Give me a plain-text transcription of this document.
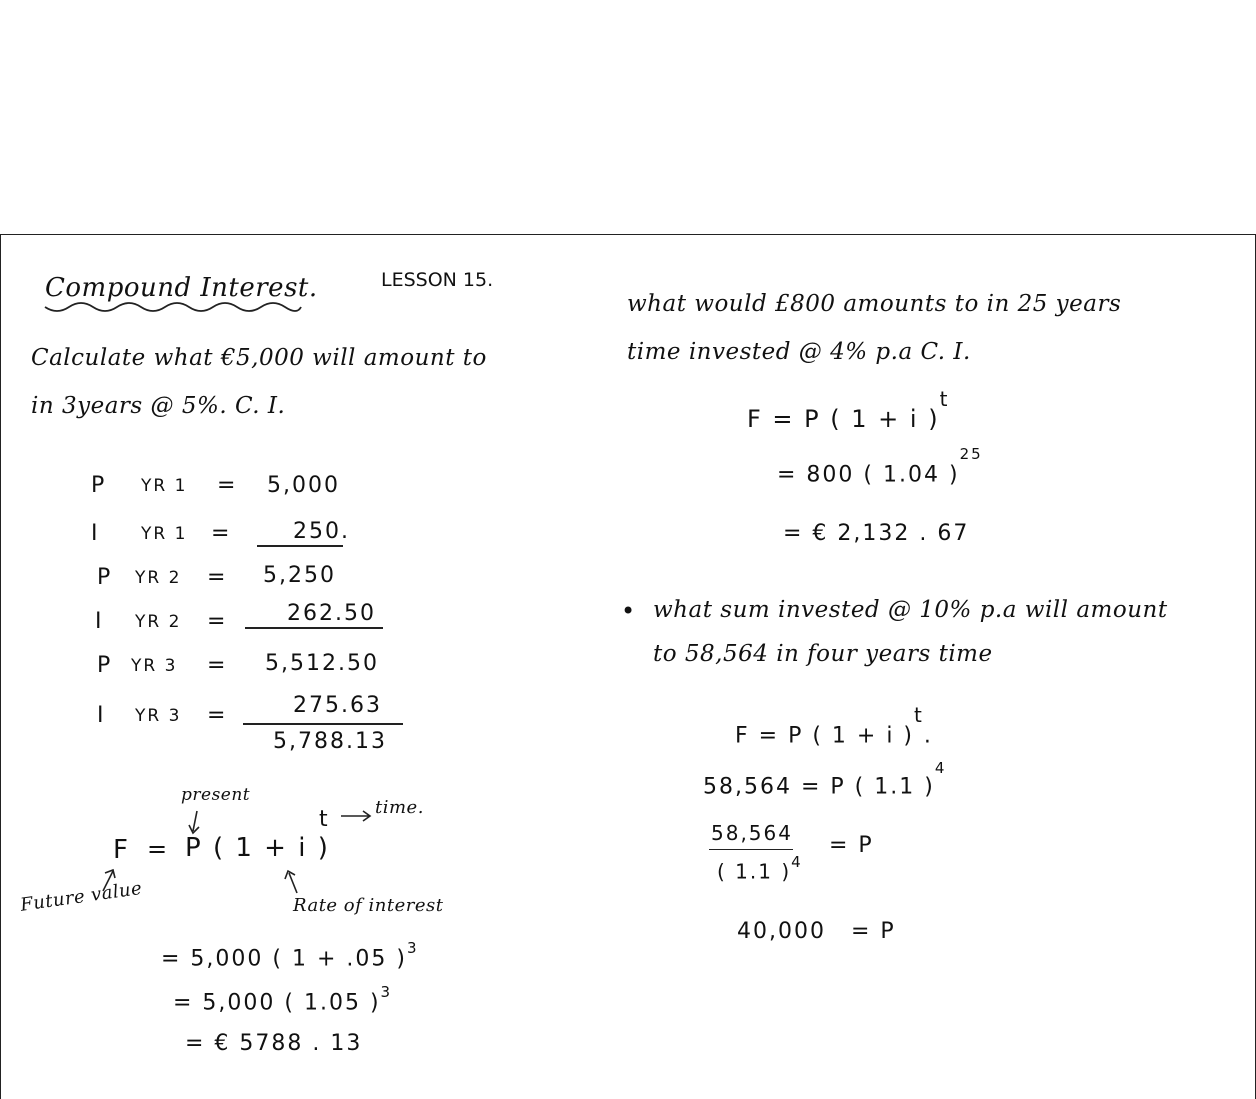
Compound Interest.	LESSON 15.
Calculate what €5,000 will amount to
in 3years @ 5%. C. I.
P YR 1 = 5,000
I YR 1 =	250.
P YR 2 = 5,250
I YR 2 =	262.50
P YR 3 = 5,512.50
I YR 3 =	275.63
5,788.13
present
F = P ( 1 + i )
t	time.
Future value	Rate of interest
= 5,000 ( 1 + .05 )$^3$
= 5,000 ( 1.05 )$^3$
= € 5788 . 13
what would £800 amounts to in 25 years
time invested @ 4% p.a C. I.
F = P ( 1 + i )$^t$
= 800 ( 1.04 )$^{25}$
= € 2,132 . 67
• what sum invested @ 10% p.a will amount
to 58,564 in four years time
F = P ( 1 + i )$^t$.
58,564 = P ( 1.1 )$^4$
58,564
( 1.1 )$^4$
= P
40,000 = P
